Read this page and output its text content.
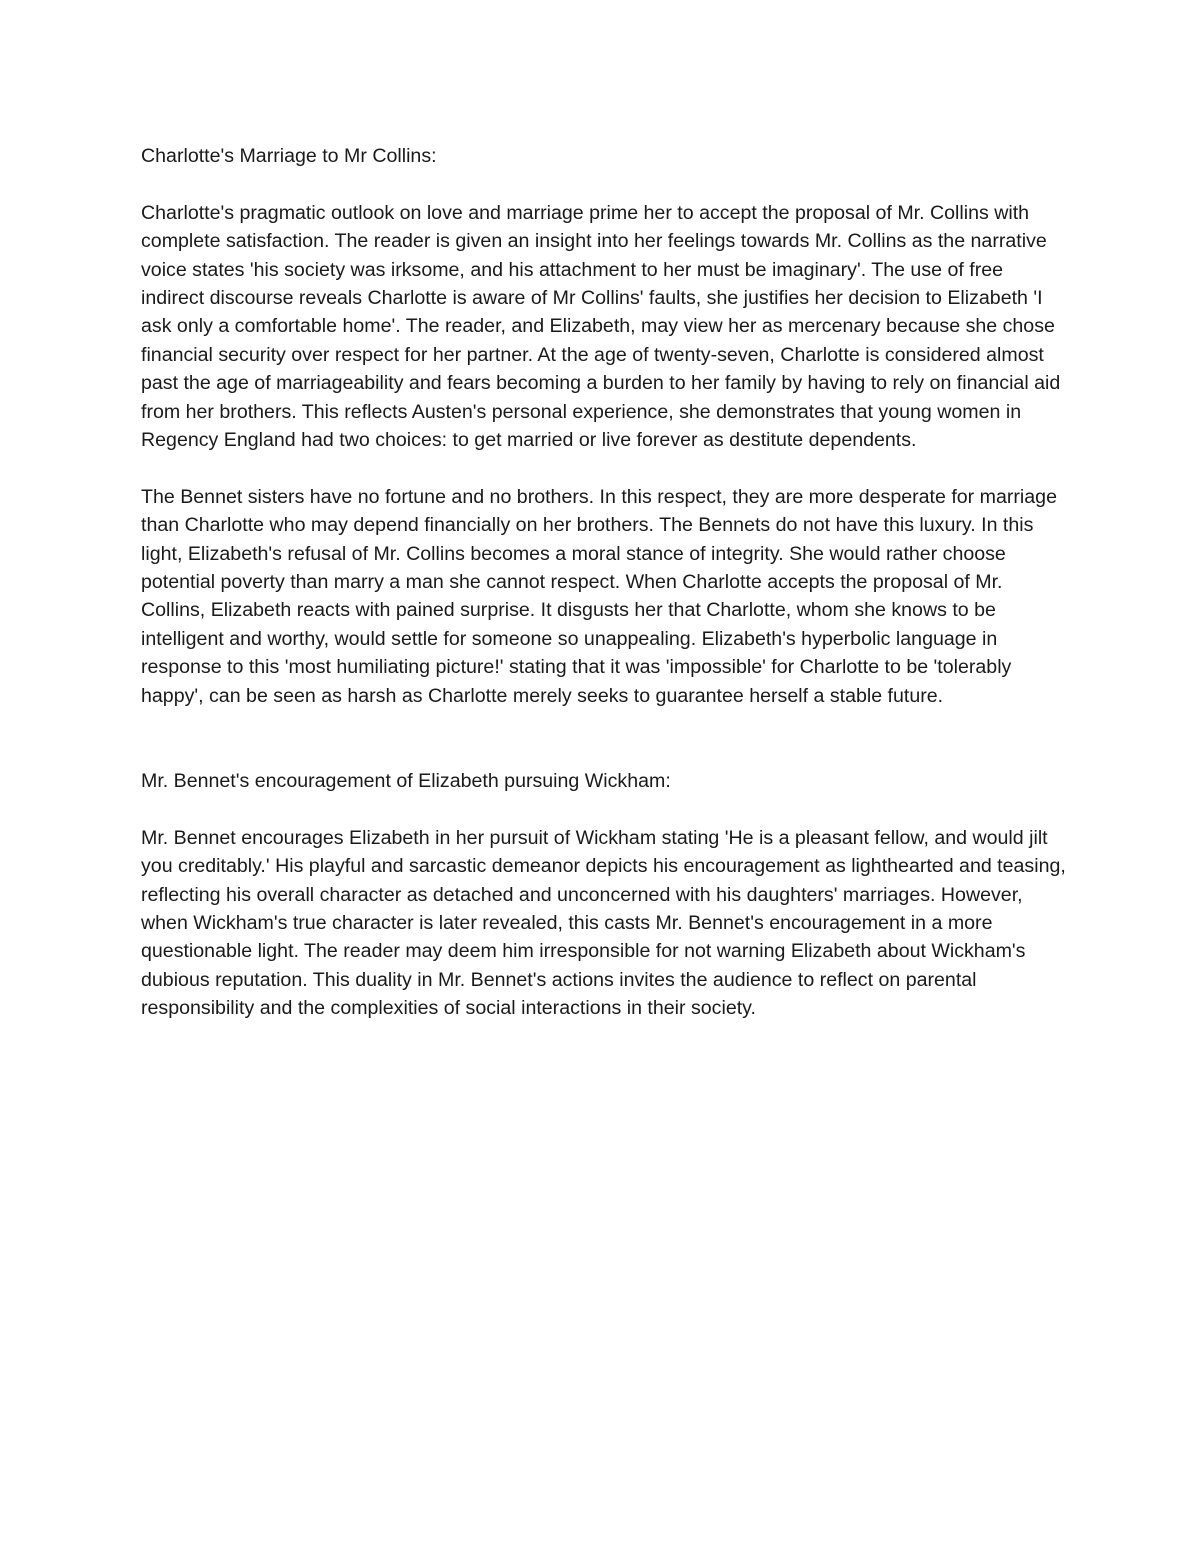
Charlotte's Marriage to Mr Collins:

Charlotte's pragmatic outlook on love and marriage prime her to accept the proposal of Mr. Collins with complete satisfaction. The reader is given an insight into her feelings towards Mr. Collins as the narrative voice states 'his society was irksome, and his attachment to her must be imaginary'. The use of free indirect discourse reveals Charlotte is aware of Mr Collins' faults, she justifies her decision to Elizabeth 'I ask only a comfortable home'. The reader, and Elizabeth, may view her as mercenary because she chose financial security over respect for her partner. At the age of twenty-seven, Charlotte is considered almost past the age of marriageability and fears becoming a burden to her family by having to rely on financial aid from her brothers. This reflects Austen's personal experience, she demonstrates that young women in Regency England had two choices: to get married or live forever as destitute dependents.

The Bennet sisters have no fortune and no brothers. In this respect, they are more desperate for marriage than Charlotte who may depend financially on her brothers. The Bennets do not have this luxury. In this light, Elizabeth's refusal of Mr. Collins becomes a moral stance of integrity. She would rather choose potential poverty than marry a man she cannot respect. When Charlotte accepts the proposal of Mr. Collins, Elizabeth reacts with pained surprise. It disgusts her that Charlotte, whom she knows to be intelligent and worthy, would settle for someone so unappealing. Elizabeth's hyperbolic language in response to this 'most humiliating picture!' stating that it was 'impossible' for Charlotte to be 'tolerably happy', can be seen as harsh as Charlotte merely seeks to guarantee herself a stable future.

Mr. Bennet's encouragement of Elizabeth pursuing Wickham:

Mr. Bennet encourages Elizabeth in her pursuit of Wickham stating 'He is a pleasant fellow, and would jilt you creditably.' His playful and sarcastic demeanor depicts his encouragement as lighthearted and teasing, reflecting his overall character as detached and unconcerned with his daughters' marriages. However, when Wickham's true character is later revealed, this casts Mr. Bennet's encouragement in a more questionable light. The reader may deem him irresponsible for not warning Elizabeth about Wickham's dubious reputation. This duality in Mr. Bennet's actions invites the audience to reflect on parental responsibility and the complexities of social interactions in their society.
